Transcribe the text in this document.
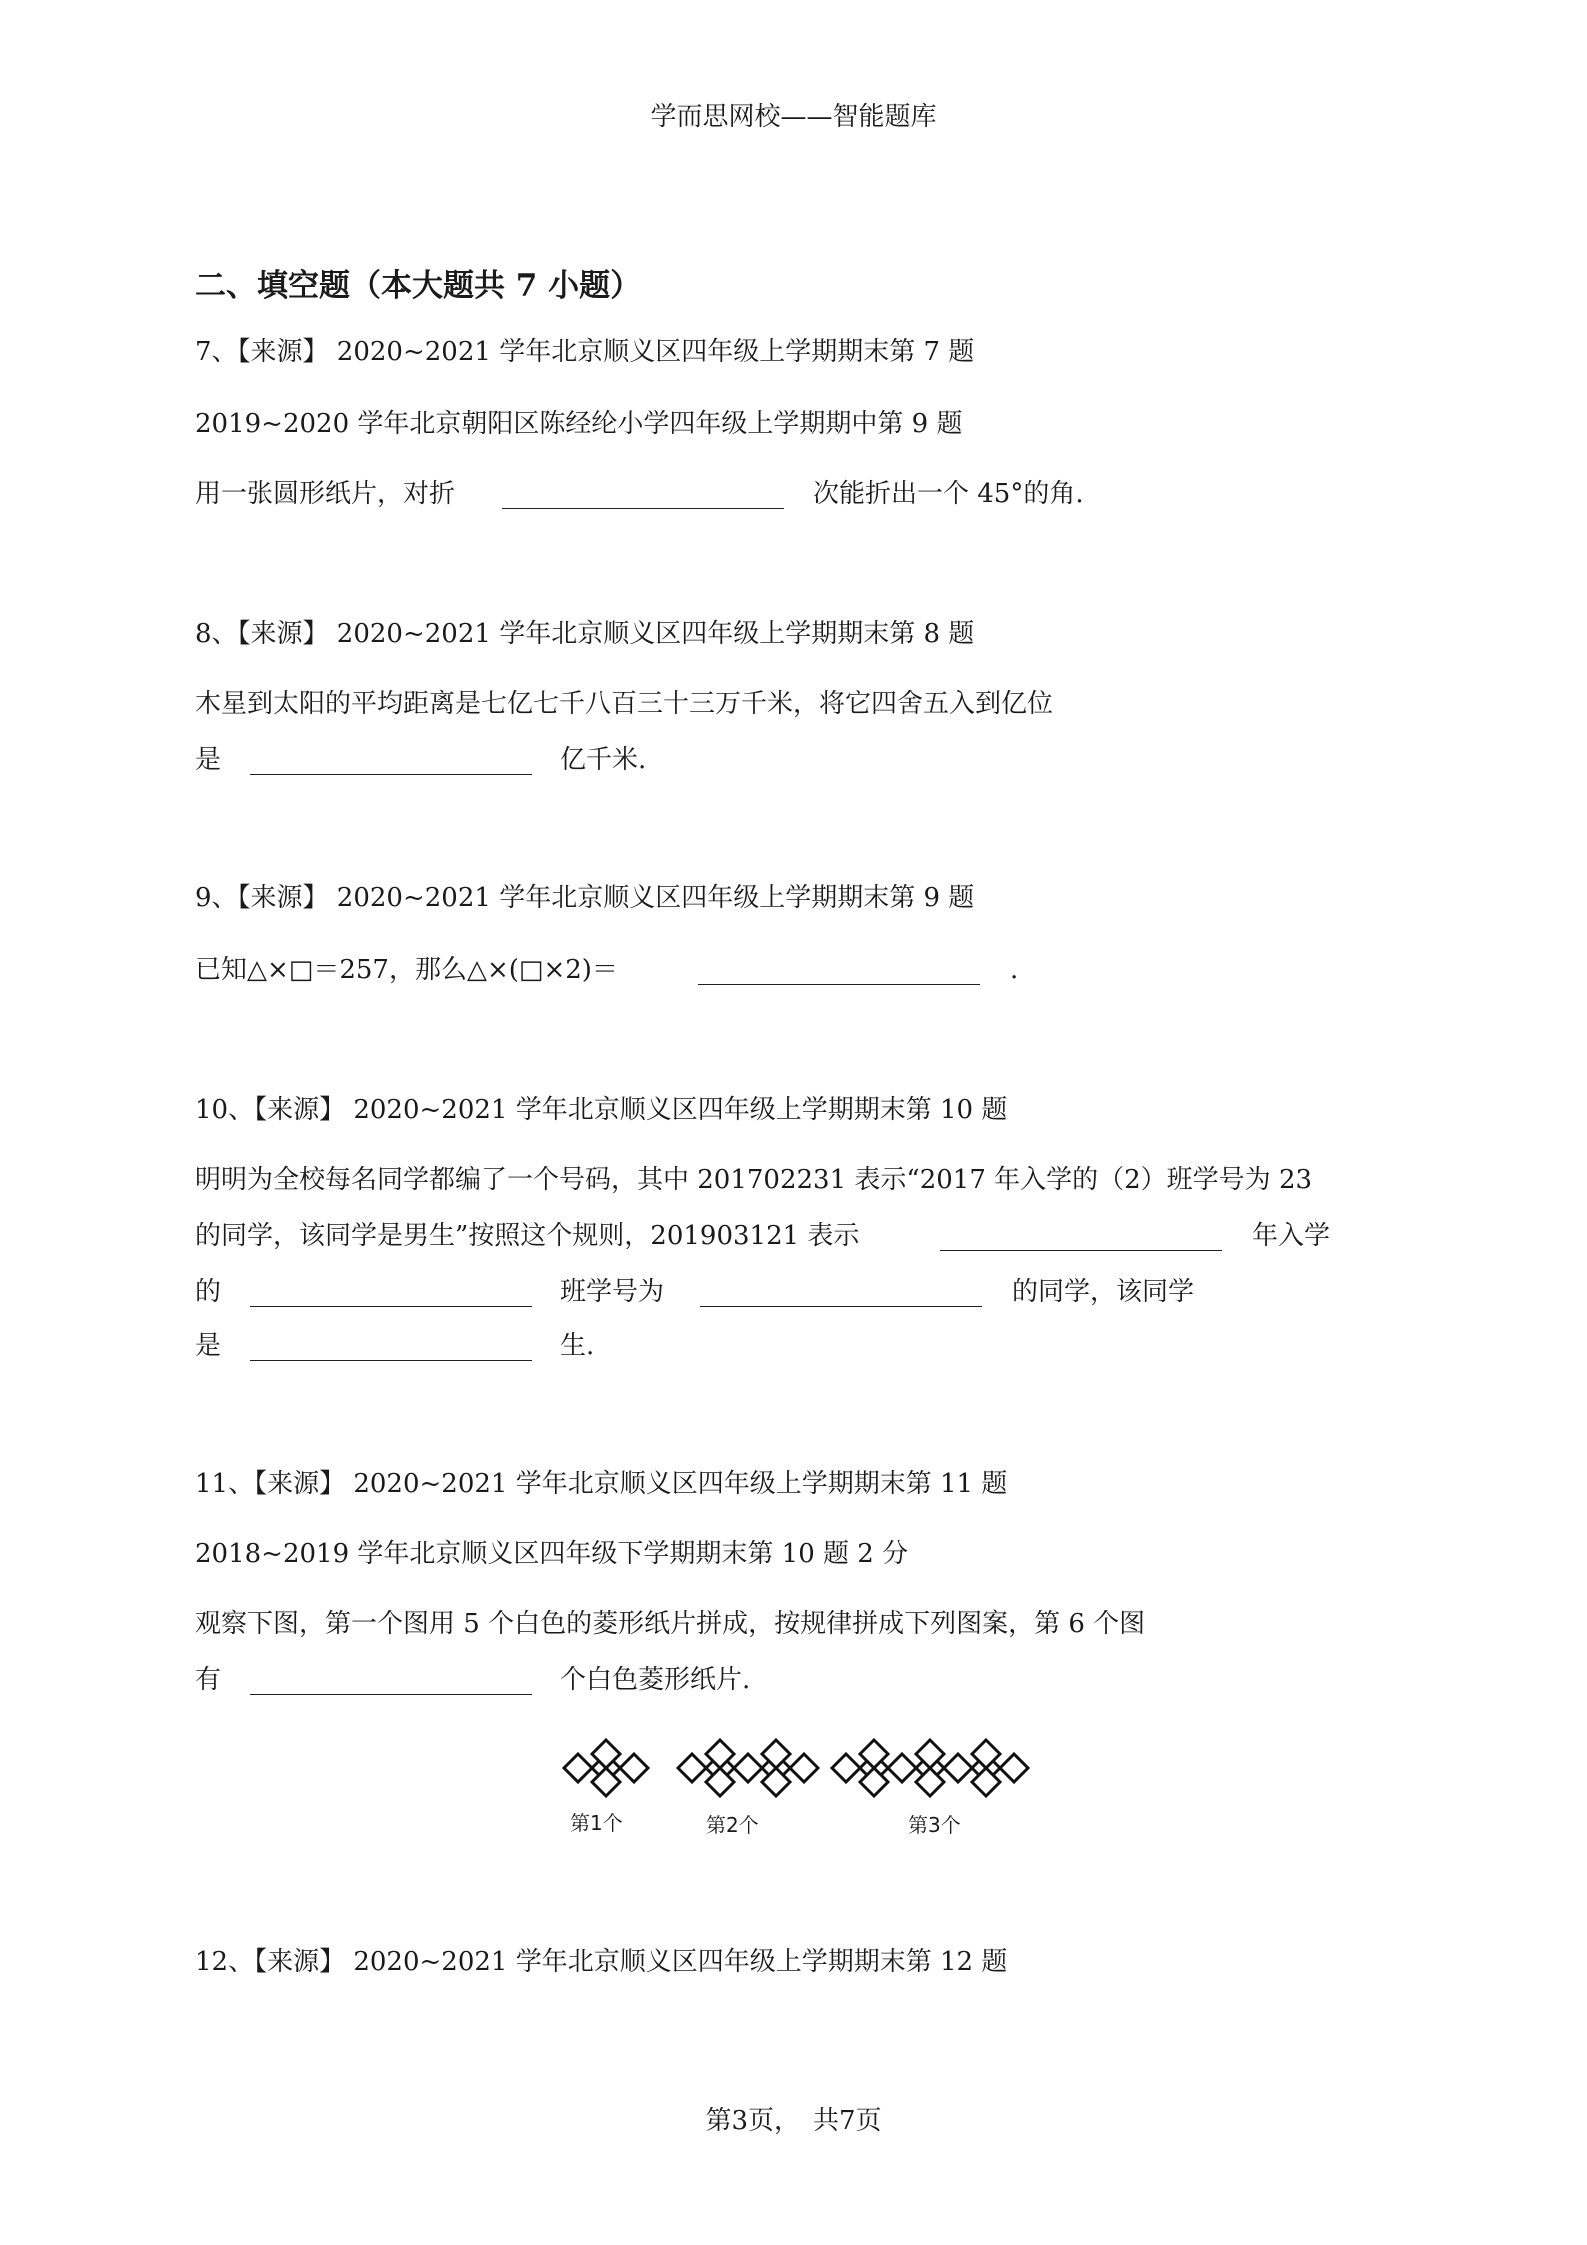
学而思网校——智能题库
二、填空题（本大题共 7 小题）
7、【来源】 2020~2021 学年北京顺义区四年级上学期期末第 7 题
2019~2020 学年北京朝阳区陈经纶小学四年级上学期期中第 9 题
用一张圆形纸片，对折	次能折出一个 45°的角.
8、【来源】 2020~2021 学年北京顺义区四年级上学期期末第 8 题
木星到太阳的平均距离是七亿七千八百三十三万千米，将它四舍五入到亿位
是	亿千米.
9、【来源】 2020~2021 学年北京顺义区四年级上学期期末第 9 题
已知△×□＝257，那么△×(□×2)＝	.
10、【来源】 2020~2021 学年北京顺义区四年级上学期期末第 10 题
明明为全校每名同学都编了一个号码，其中 201702231 表示“2017 年入学的（2）班学号为 23
的同学，该同学是男生”按照这个规则，201903121 表示	年入学
的	班学号为	的同学，该同学
是	生.
11、【来源】 2020~2021 学年北京顺义区四年级上学期期末第 11 题
2018~2019 学年北京顺义区四年级下学期期末第 10 题 2 分
观察下图，第一个图用 5 个白色的菱形纸片拼成，按规律拼成下列图案，第 6 个图
有	个白色菱形纸片.
第1个	第2个	第3个
12、【来源】 2020~2021 学年北京顺义区四年级上学期期末第 12 题
第3页，　共7页
